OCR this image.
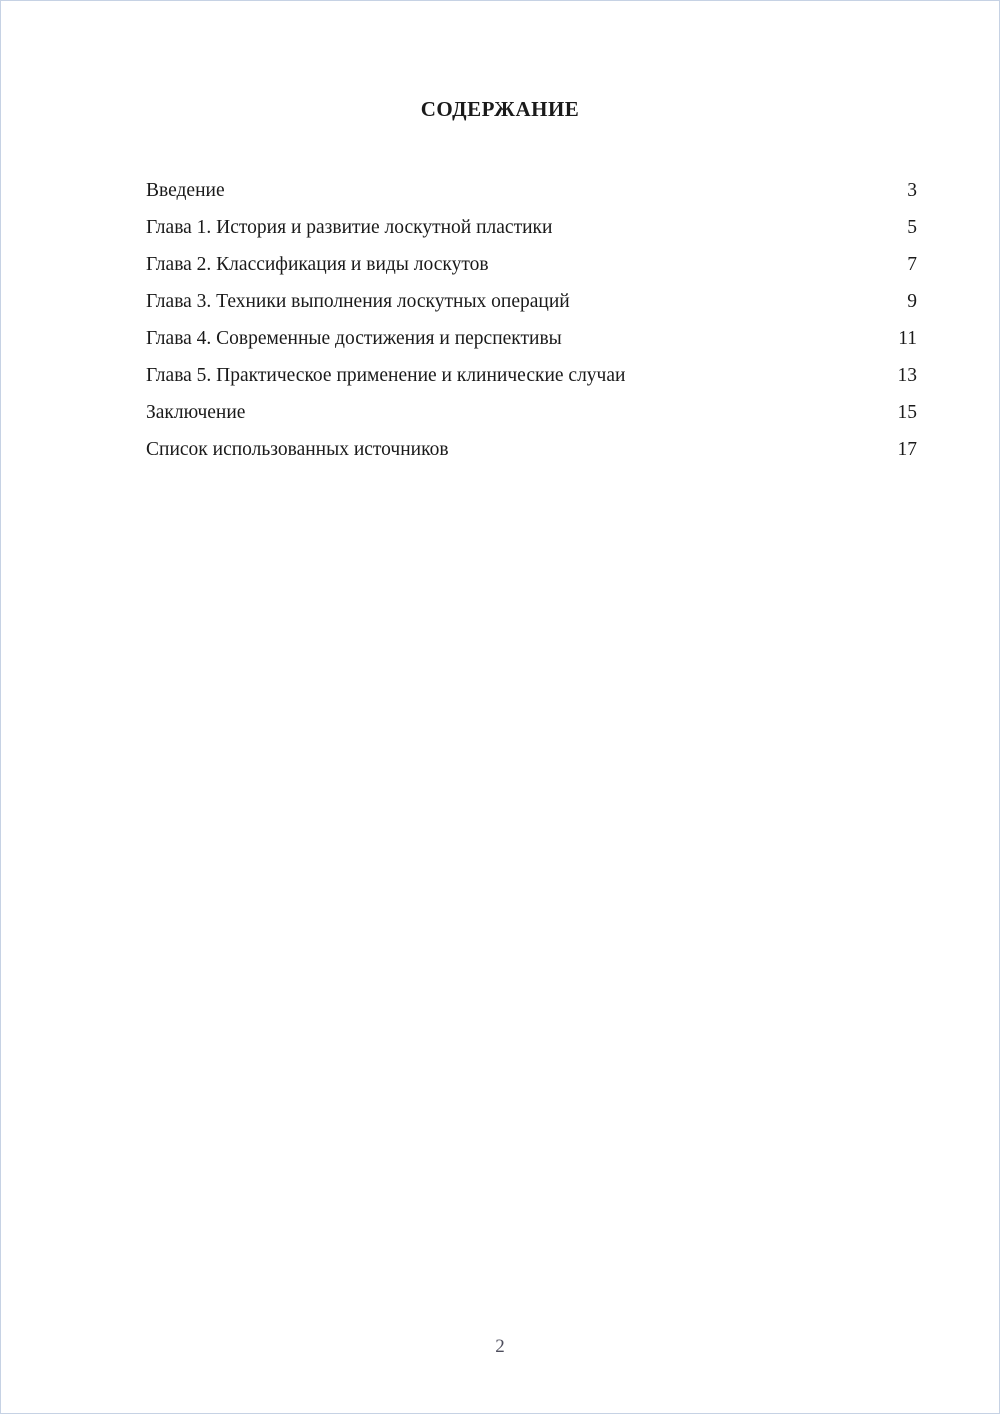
СОДЕРЖАНИЕ
Введение	3
Глава 1. История и развитие лоскутной пластики	5
Глава 2. Классификация и виды лоскутов	7
Глава 3. Техники выполнения лоскутных операций	9
Глава 4. Современные достижения и перспективы	11
Глава 5. Практическое применение и клинические случаи	13
Заключение	15
Список использованных источников	17
2
